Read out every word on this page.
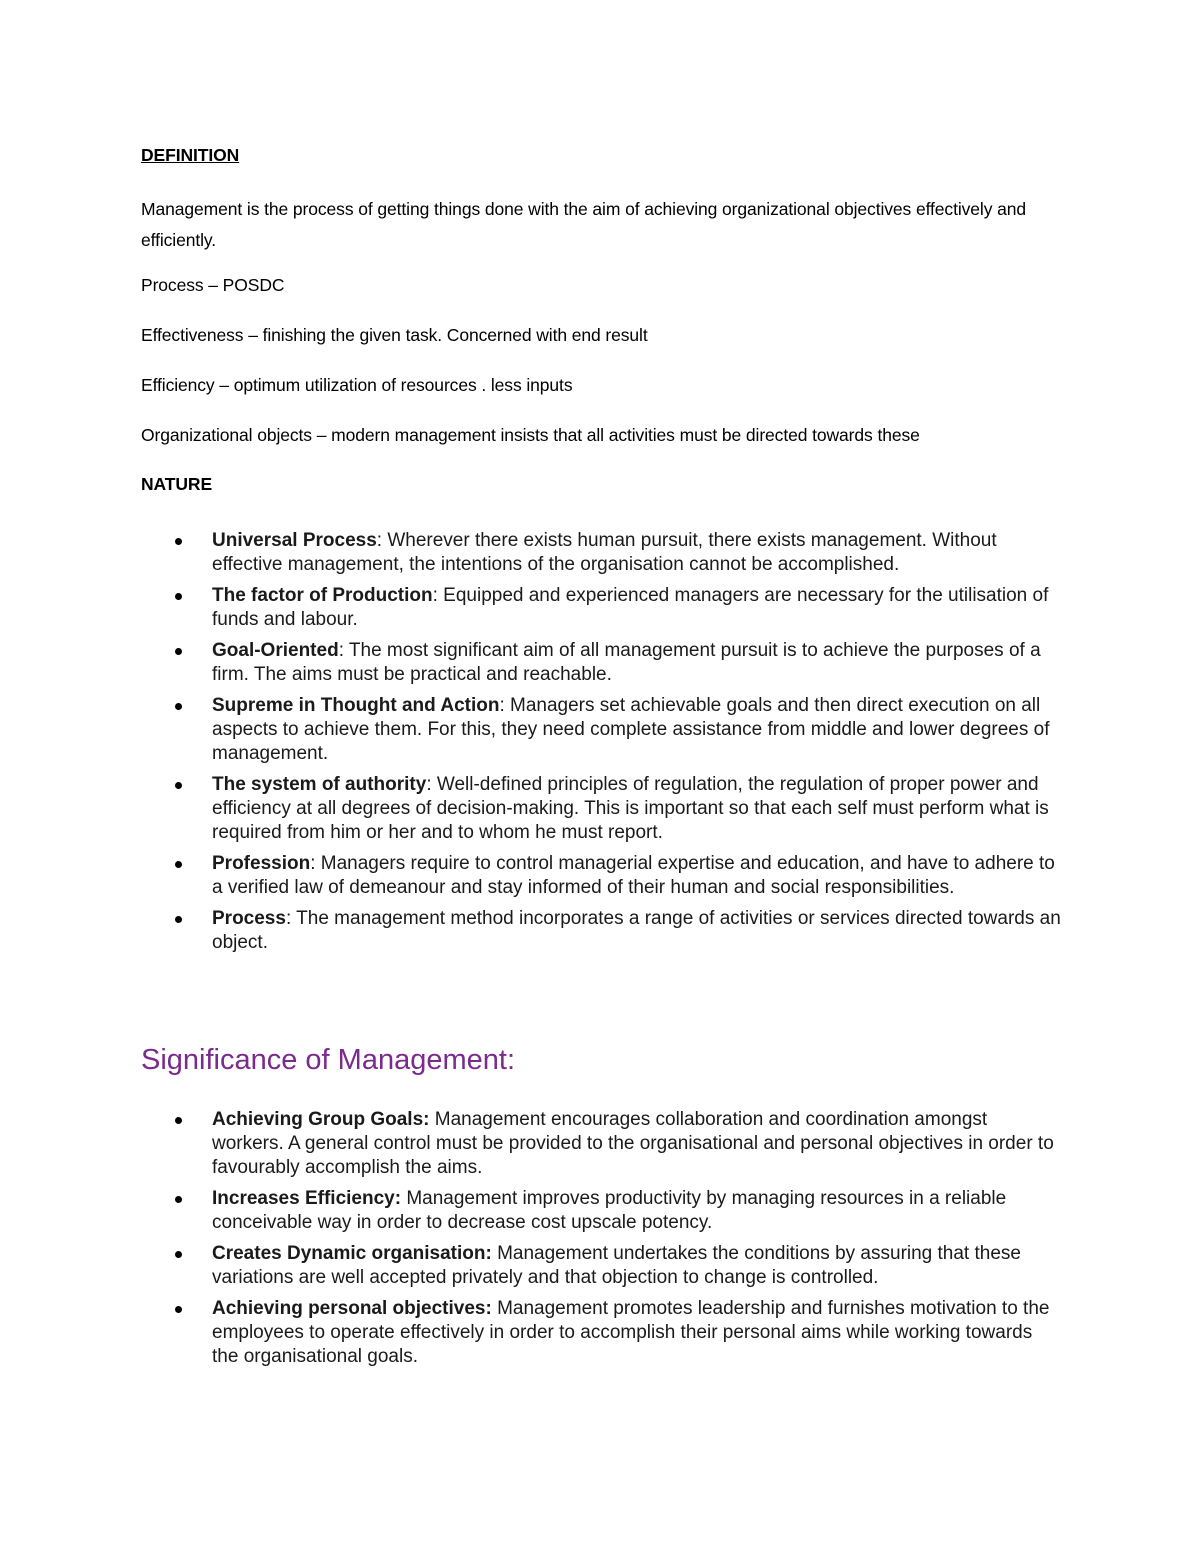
DEFINITION

Management is the process of getting things done with the aim of achieving organizational objectives effectively and efficiently.

Process – POSDC

Effectiveness – finishing the given task. Concerned with end result

Efficiency – optimum utilization of resources . less inputs

Organizational objects – modern management insists that all activities must be directed towards these

NATURE

Universal Process: Wherever there exists human pursuit, there exists management. Without effective management, the intentions of the organisation cannot be accomplished.
The factor of Production: Equipped and experienced managers are necessary for the utilisation of funds and labour.
Goal-Oriented: The most significant aim of all management pursuit is to achieve the purposes of a firm. The aims must be practical and reachable.
Supreme in Thought and Action: Managers set achievable goals and then direct execution on all aspects to achieve them. For this, they need complete assistance from middle and lower degrees of management.
The system of authority: Well-defined principles of regulation, the regulation of proper power and efficiency at all degrees of decision-making. This is important so that each self must perform what is required from him or her and to whom he must report.
Profession: Managers require to control managerial expertise and education, and have to adhere to a verified law of demeanour and stay informed of their human and social responsibilities.
Process: The management method incorporates a range of activities or services directed towards an object.
Significance of Management:
Achieving Group Goals: Management encourages collaboration and coordination amongst workers. A general control must be provided to the organisational and personal objectives in order to favourably accomplish the aims.
Increases Efficiency: Management improves productivity by managing resources in a reliable conceivable way in order to decrease cost upscale potency.
Creates Dynamic organisation: Management undertakes the conditions by assuring that these variations are well accepted privately and that objection to change is controlled.
Achieving personal objectives: Management promotes leadership and furnishes motivation to the employees to operate effectively in order to accomplish their personal aims while working towards the organisational goals.
